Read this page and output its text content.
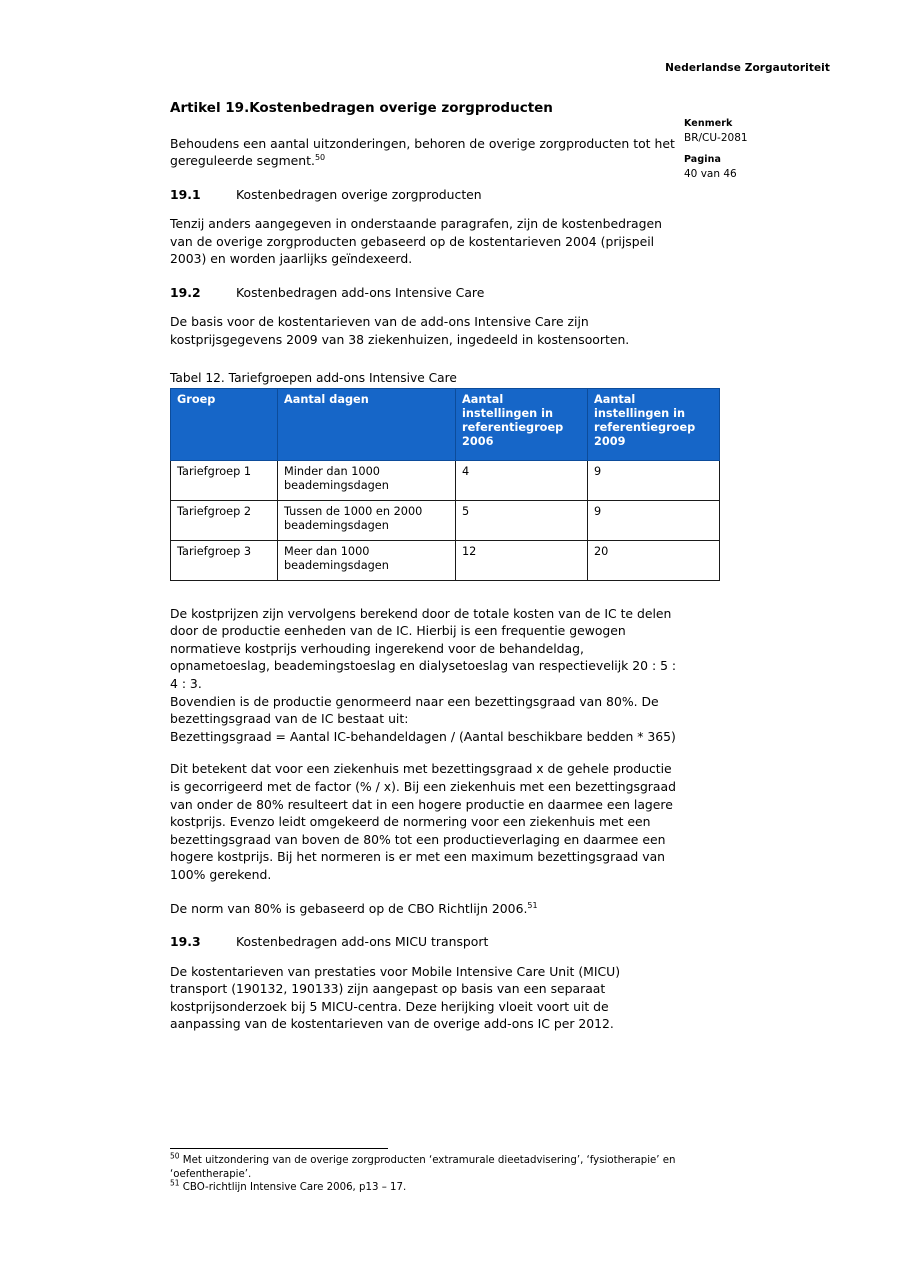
Nederlandse Zorgautoriteit
Kenmerk
BR/CU-2081
Pagina
40 van 46
Artikel 19.Kostenbedragen overige zorgproducten

Behoudens een aantal uitzonderingen, behoren de overige zorgproducten tot het gereguleerde segment.$^{50}$

19.1	Kostenbedragen overige zorgproducten

Tenzij anders aangegeven in onderstaande paragrafen, zijn de kostenbedragen van de overige zorgproducten gebaseerd op de kostentarieven 2004 (prijspeil 2003) en worden jaarlijks geïndexeerd.

19.2	Kostenbedragen add-ons Intensive Care

De basis voor de kostentarieven van de add-ons Intensive Care zijn kostprijsgegevens 2009 van 38 ziekenhuizen, ingedeeld in kostensoorten.

Tabel 12. Tariefgroepen add-ons Intensive Care
Groep	Aantal dagen	Aantal instellingen in referentiegroep 2006	Aantal instellingen in referentiegroep 2009
Tariefgroep 1	Minder dan 1000 beademingsdagen	4	9
Tariefgroep 2	Tussen de 1000 en 2000 beademingsdagen	5	9
Tariefgroep 3	Meer dan 1000 beademingsdagen	12	20

De kostprijzen zijn vervolgens berekend door de totale kosten van de IC te delen door de productie eenheden van de IC. Hierbij is een frequentie gewogen normatieve kostprijs verhouding ingerekend voor de behandeldag, opnametoeslag, beademingstoeslag en dialysetoeslag van respectievelijk 20 : 5 : 4 : 3.

Bovendien is de productie genormeerd naar een bezettingsgraad van 80%. De bezettingsgraad van de IC bestaat uit:

Bezettingsgraad = Aantal IC-behandeldagen / (Aantal beschikbare bedden * 365)

Dit betekent dat voor een ziekenhuis met bezettingsgraad x de gehele productie is gecorrigeerd met de factor (% / x). Bij een ziekenhuis met een bezettingsgraad van onder de 80% resulteert dat in een hogere productie en daarmee een lagere kostprijs. Evenzo leidt omgekeerd de normering voor een ziekenhuis met een bezettingsgraad van boven de 80% tot een productieverlaging en daarmee een hogere kostprijs. Bij het normeren is er met een maximum bezettingsgraad van 100% gerekend.

De norm van 80% is gebaseerd op de CBO Richtlijn 2006.51

19.3	Kostenbedragen add-ons MICU transport

De kostentarieven van prestaties voor Mobile Intensive Care Unit (MICU) transport (190132, 190133) zijn aangepast op basis van een separaat kostprijsonderzoek bij 5 MICU-centra. Deze herijking vloeit voort uit de aanpassing van de kostentarieven van de overige add-ons IC per 2012.

$^{50}$ Met uitzondering van de overige zorgproducten ‘extramurale dieetadvisering’, ‘fysiotherapie’ en ‘oefentherapie’.

$^{51}$ CBO-richtlijn Intensive Care 2006, p13 – 17.
